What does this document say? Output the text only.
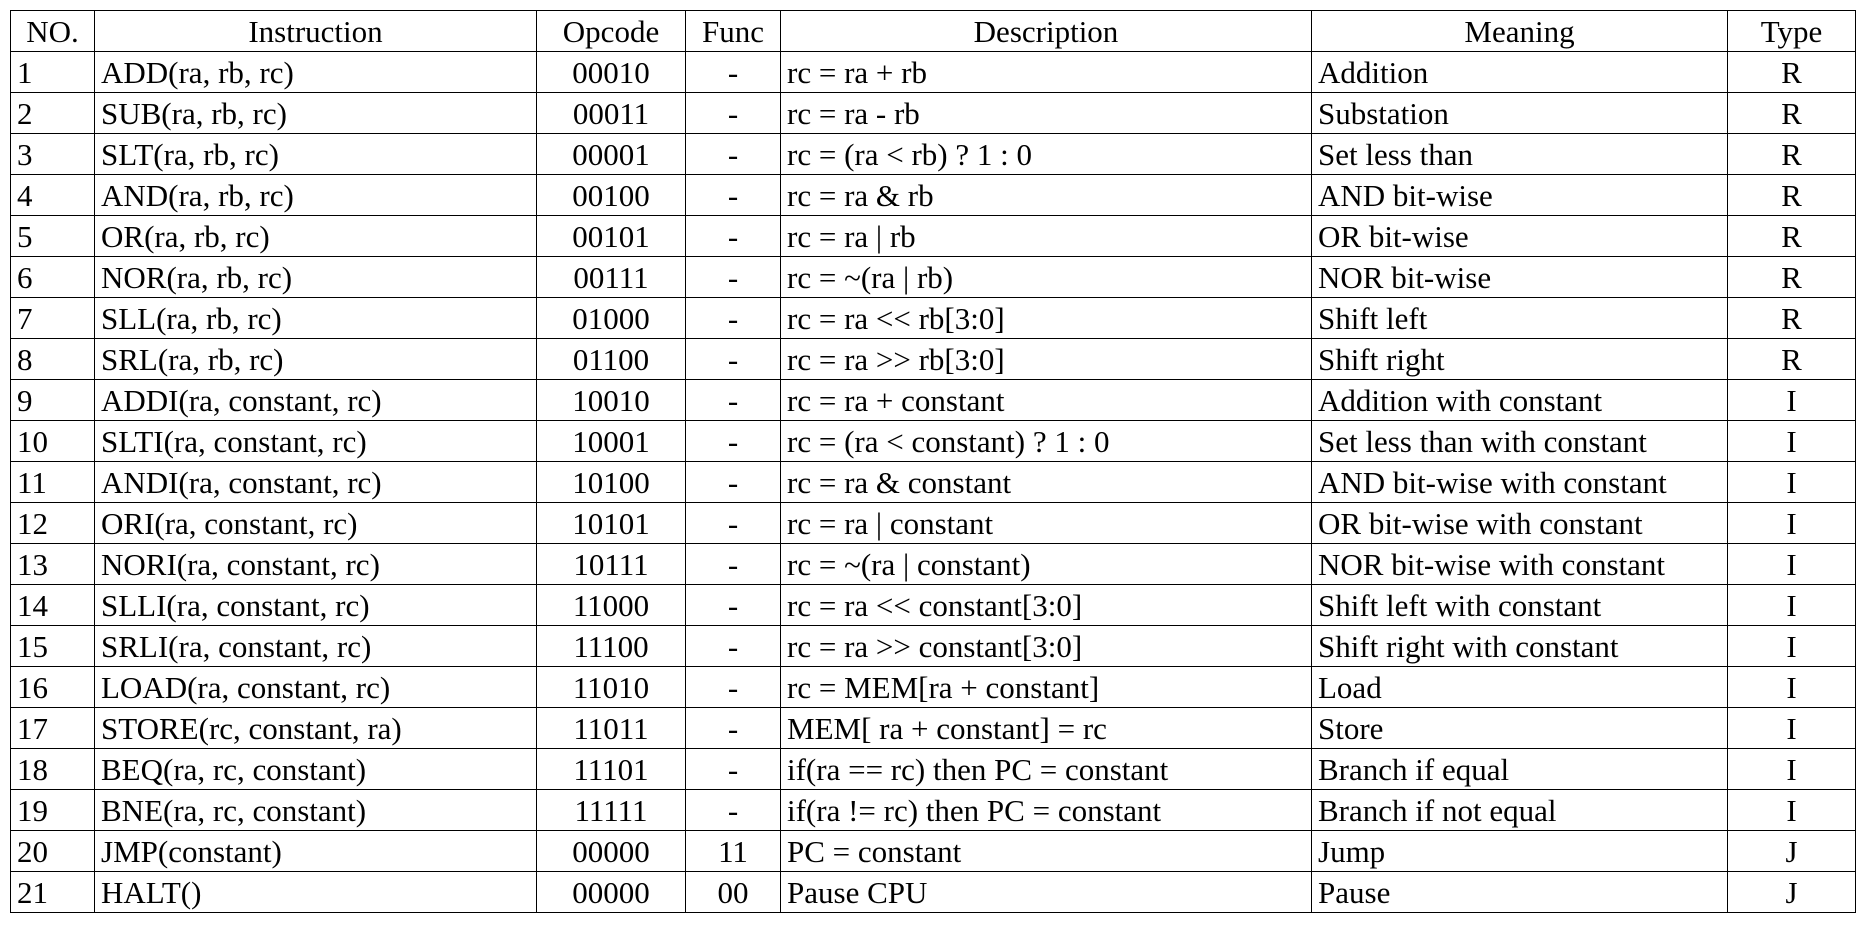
NO.	Instruction	Opcode	Func	Description	Meaning	Type
1	ADD(ra, rb, rc)	00010	-	rc = ra + rb	Addition	R
2	SUB(ra, rb, rc)	00011	-	rc = ra - rb	Substation	R
3	SLT(ra, rb, rc)	00001	-	rc = (ra < rb) ? 1 : 0	Set less than	R
4	AND(ra, rb, rc)	00100	-	rc = ra & rb	AND bit-wise	R
5	OR(ra, rb, rc)	00101	-	rc = ra | rb	OR bit-wise	R
6	NOR(ra, rb, rc)	00111	-	rc = ~(ra | rb)	NOR bit-wise	R
7	SLL(ra, rb, rc)	01000	-	rc = ra << rb[3:0]	Shift left	R
8	SRL(ra, rb, rc)	01100	-	rc = ra >> rb[3:0]	Shift right	R
9	ADDI(ra, constant, rc)	10010	-	rc = ra + constant	Addition with constant	I
10	SLTI(ra, constant, rc)	10001	-	rc = (ra < constant) ? 1 : 0	Set less than with constant	I
11	ANDI(ra, constant, rc)	10100	-	rc = ra & constant	AND bit-wise with constant	I
12	ORI(ra, constant, rc)	10101	-	rc = ra | constant	OR bit-wise with constant	I
13	NORI(ra, constant, rc)	10111	-	rc = ~(ra | constant)	NOR bit-wise with constant	I
14	SLLI(ra, constant, rc)	11000	-	rc = ra << constant[3:0]	Shift left with constant	I
15	SRLI(ra, constant, rc)	11100	-	rc = ra >> constant[3:0]	Shift right with constant	I
16	LOAD(ra, constant, rc)	11010	-	rc = MEM[ra + constant]	Load	I
17	STORE(rc, constant, ra)	11011	-	MEM[ ra + constant] = rc	Store	I
18	BEQ(ra, rc, constant)	11101	-	if(ra == rc) then PC = constant	Branch if equal	I
19	BNE(ra, rc, constant)	11111	-	if(ra != rc) then PC = constant	Branch if not equal	I
20	JMP(constant)	00000	11	PC = constant	Jump	J
21	HALT()	00000	00	Pause CPU	Pause	J
